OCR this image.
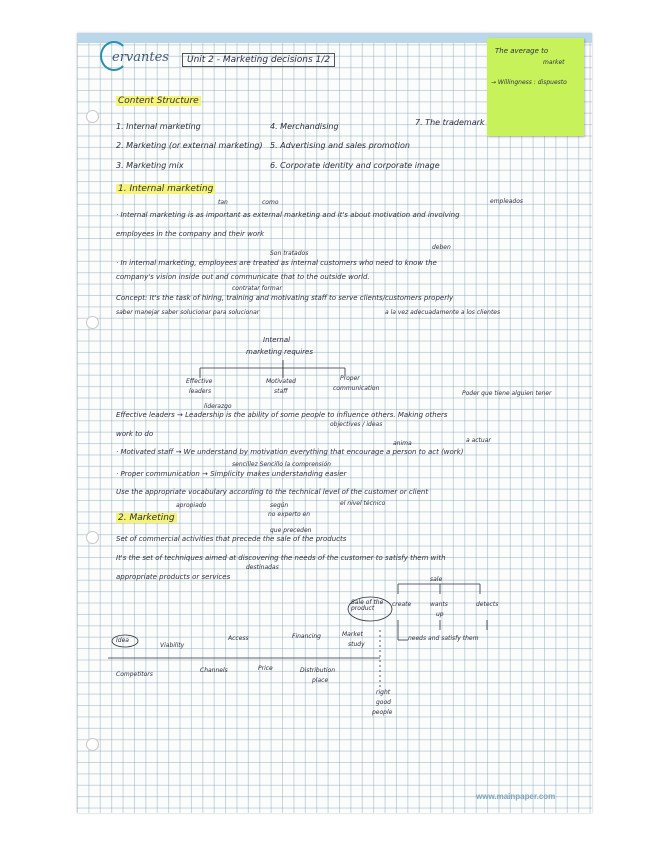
ervantes	Unit 2 - Marketing decisions 1/2
The average to
market
→ Willingness : dispuesto
Content Structure
1. Internal marketing
2. Marketing (or external marketing)
3. Marketing mix
4. Merchandising
5. Advertising and sales promotion
6. Corporate identity and corporate image
7. The trademark
1. Internal marketing
tan	como	empleados
· Internal marketing is as important as external marketing and it's about motivation and involving
employees in the company and their work
Son tratados
deben
· In internal marketing, employees are treated as internal customers who need to know the
company's vision inside out and communicate that to the outside world.
contratar formar
Concept: It's the task of hiring, training and motivating staff to serve clients/customers properly
saber manejar saber solucionar para solucionar	a la vez adecuadamente a los clientes
Internal
marketing requires
Effective
leaders
Motivated
staff
Proper
communication
Poder que tiene alguien tener
liderazgo
Effective leaders → Leadership is the ability of some people to influence others. Making others
objectives / ideas
work to do
anima	a actuar
· Motivated staff → We understand by motivation everything that encourage a person to act (work)
sencillez Sencillo la comprensión
· Proper communication → Simplicity makes understanding easier
Use the appropriate vocabulary according to the technical level of the customer or client
apropiado	según	el nivel técnico
no experto en
2. Marketing
que preceden
Set of commercial activities that precede the sale of the products
It's the set of techniques aimed at discovering the needs of the customer to satisfy them with
destinadas
appropriate products or services	sale
Sale of the product
create	wants
up
detects
needs and satisfy them
Idea
Viability
Access	Financing	Market
study
Competitors
Channels	Price	Distribution
place
right
good
people
www.mainpaper.com
